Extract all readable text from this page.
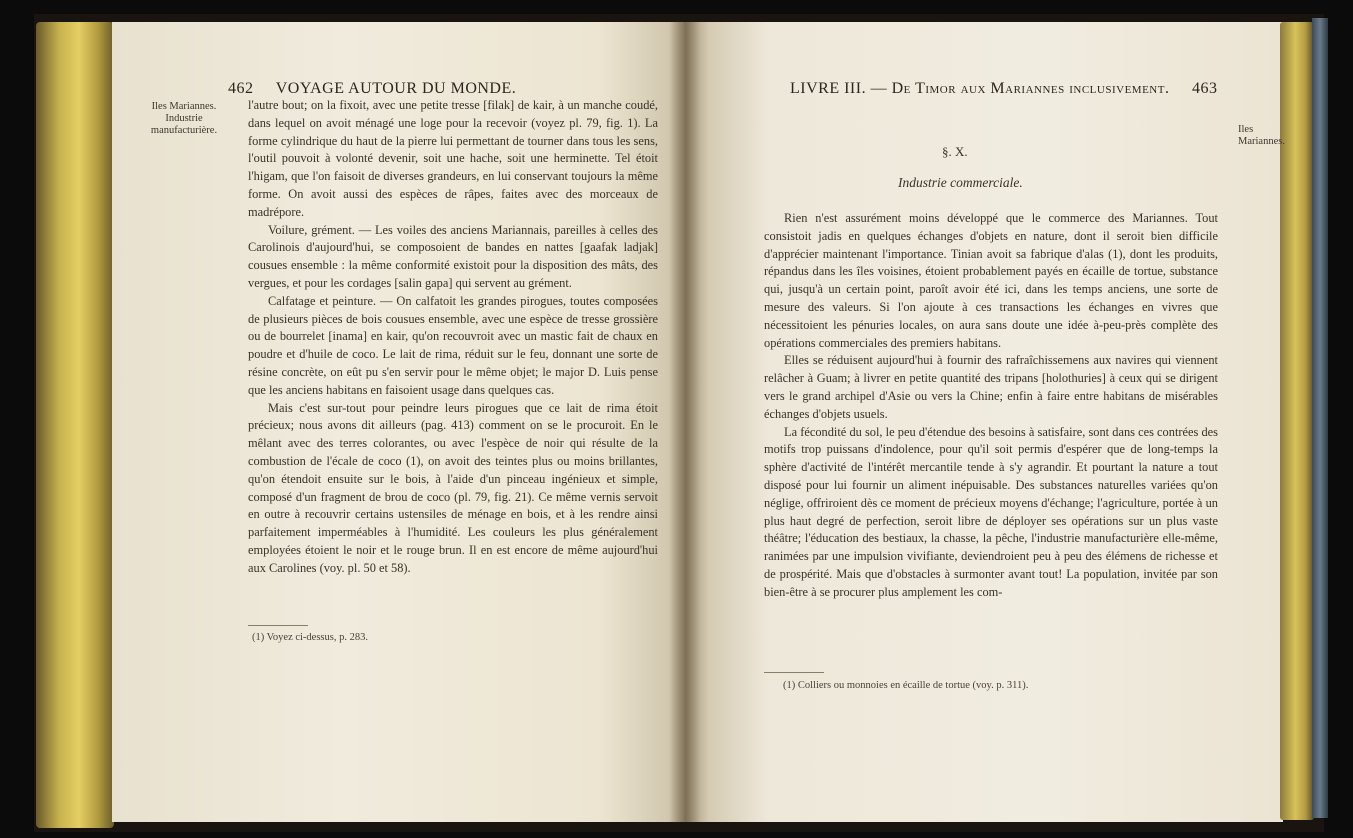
462 VOYAGE AUTOUR DU MONDE.
Iles Mariannes.
Industrie manufacturière.

l'autre bout; on la fixoit, avec une petite tresse [filak] de kair, à un manche coudé, dans lequel on avoit ménagé une loge pour la recevoir (voyez pl. 79, fig. 1). La forme cylindrique du haut de la pierre lui permettant de tourner dans tous les sens, l'outil pouvoit à volonté devenir, soit une hache, soit une herminette. Tel étoit l'higam, que l'on faisoit de diverses grandeurs, en lui conservant toujours la même forme. On avoit aussi des espèces de râpes, faites avec des morceaux de madrépore.

Voilure, grément. — Les voiles des anciens Mariannais, pareilles à celles des Carolinois d'aujourd'hui, se composoient de bandes en nattes [gaafak ladjak] cousues ensemble : la même conformité existoit pour la disposition des mâts, des vergues, et pour les cordages [salin gapa] qui servent au grément.

Calfatage et peinture. — On calfatoit les grandes pirogues, toutes composées de plusieurs pièces de bois cousues ensemble, avec une espèce de tresse grossière ou de bourrelet [inama] en kair, qu'on recouvroit avec un mastic fait de chaux en poudre et d'huile de coco. Le lait de rima, réduit sur le feu, donnant une sorte de résine concrète, on eût pu s'en servir pour le même objet; le major D. Luis pense que les anciens habitans en faisoient usage dans quelques cas.

Mais c'est sur-tout pour peindre leurs pirogues que ce lait de rima étoit précieux; nous avons dit ailleurs (pag. 413) comment on se le procuroit. En le mêlant avec des terres colorantes, ou avec l'espèce de noir qui résulte de la combustion de l'écale de coco (1), on avoit des teintes plus ou moins brillantes, qu'on étendoit ensuite sur le bois, à l'aide d'un pinceau ingénieux et simple, composé d'un fragment de brou de coco (pl. 79, fig. 21). Ce même vernis servoit en outre à recouvrir certains ustensiles de ménage en bois, et à les rendre ainsi parfaitement imperméables à l'humidité. Les couleurs les plus généralement employées étoient le noir et le rouge brun. Il en est encore de même aujourd'hui aux Carolines (voy. pl. 50 et 58).

(1) Voyez ci-dessus, p. 283.
LIVRE III. — De Timor aux Mariannes inclusivement. 463
Iles Mariannes.
§. X.
Industrie commerciale.

Rien n'est assurément moins développé que le commerce des Mariannes. Tout consistoit jadis en quelques échanges d'objets en nature, dont il seroit bien difficile d'apprécier maintenant l'importance. Tinian avoit sa fabrique d'alas (1), dont les produits, répandus dans les îles voisines, étoient probablement payés en écaille de tortue, substance qui, jusqu'à un certain point, paroît avoir été ici, dans les temps anciens, une sorte de mesure des valeurs. Si l'on ajoute à ces transactions les échanges en vivres que nécessitoient les pénuries locales, on aura sans doute une idée à-peu-près complète des opérations commerciales des premiers habitans.

Elles se réduisent aujourd'hui à fournir des rafraîchissemens aux navires qui viennent relâcher à Guam; à livrer en petite quantité des tripans [holothuries] à ceux qui se dirigent vers le grand archipel d'Asie ou vers la Chine; enfin à faire entre habitans de misérables échanges d'objets usuels.

La fécondité du sol, le peu d'étendue des besoins à satisfaire, sont dans ces contrées des motifs trop puissans d'indolence, pour qu'il soit permis d'espérer que de long-temps la sphère d'activité de l'intérêt mercantile tende à s'y agrandir. Et pourtant la nature a tout disposé pour lui fournir un aliment inépuisable. Des substances naturelles variées qu'on néglige, offriroient dès ce moment de précieux moyens d'échange; l'agriculture, portée à un plus haut degré de perfection, seroit libre de déployer ses opérations sur un plus vaste théâtre; l'éducation des bestiaux, la chasse, la pêche, l'industrie manufacturière elle-même, ranimées par une impulsion vivifiante, deviendroient peu à peu des élémens de richesse et de prospérité. Mais que d'obstacles à surmonter avant tout! La population, invitée par son bien-être à se procurer plus amplement les com-

(1) Colliers ou monnoies en écaille de tortue (voy. p. 311).
